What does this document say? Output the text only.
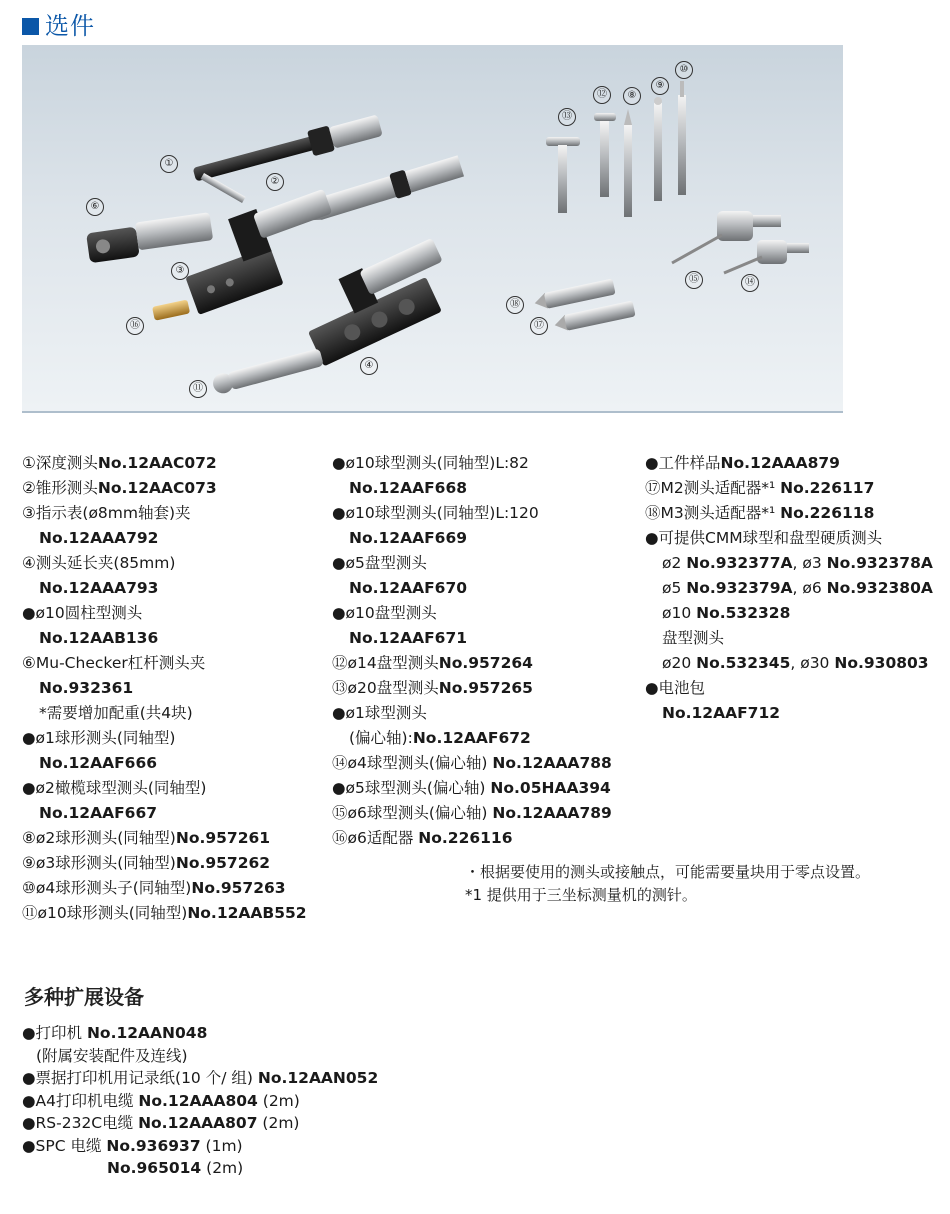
选件
①
②
③
④
⑥
⑧
⑨
⑩
⑪
⑫
⑬
⑭
⑮
⑯	⑰
⑱
①深度测头No.12AAC072
②锥形测头No.12AAC073
③指示表(ø8mm轴套)夹
No.12AAA792
④测头延长夹(85mm)
No.12AAA793
●ø10圆柱型测头
No.12AAB136
⑥Mu-Checker杠杆测头夹
No.932361
*需要增加配重(共4块)
●ø1球形测头(同轴型)
No.12AAF666
●ø2橄榄球型测头(同轴型)
No.12AAF667
⑧ø2球形测头(同轴型)No.957261
⑨ø3球形测头(同轴型)No.957262
⑩ø4球形测头子(同轴型)No.957263
⑪ø10球形测头(同轴型)No.12AAB552
●ø10球型测头(同轴型)L:82
No.12AAF668
●ø10球型测头(同轴型)L:120
No.12AAF669
●ø5盘型测头
No.12AAF670
●ø10盘型测头
No.12AAF671
⑫ø14盘型测头No.957264
⑬ø20盘型测头No.957265
●ø1球型测头
(偏心轴):No.12AAF672
⑭ø4球型测头(偏心轴) No.12AAA788
●ø5球型测头(偏心轴) No.05HAA394
⑮ø6球型测头(偏心轴) No.12AAA789
⑯ø6适配器 No.226116
●工件样品No.12AAA879
⑰M2测头适配器*¹ No.226117
⑱M3测头适配器*¹ No.226118
●可提供CMM球型和盘型硬质测头
ø2 No.932377A, ø3 No.932378A
ø5 No.932379A, ø6 No.932380A
ø10 No.532328
盘型测头
ø20 No.532345, ø30 No.930803
●电池包
No.12AAF712
・根据要使用的测头或接触点，可能需要量块用于零点设置。
*1 提供用于三坐标测量机的测针。
多种扩展设备
●打印机 No.12AAN048
(附属安装配件及连线)
●票据打印机用记录纸(10 个/ 组) No.12AAN052
●A4打印机电缆 No.12AAA804 (2m)
●RS-232C电缆 No.12AAA807 (2m)
●SPC 电缆 No.936937 (1m)
No.965014 (2m)
